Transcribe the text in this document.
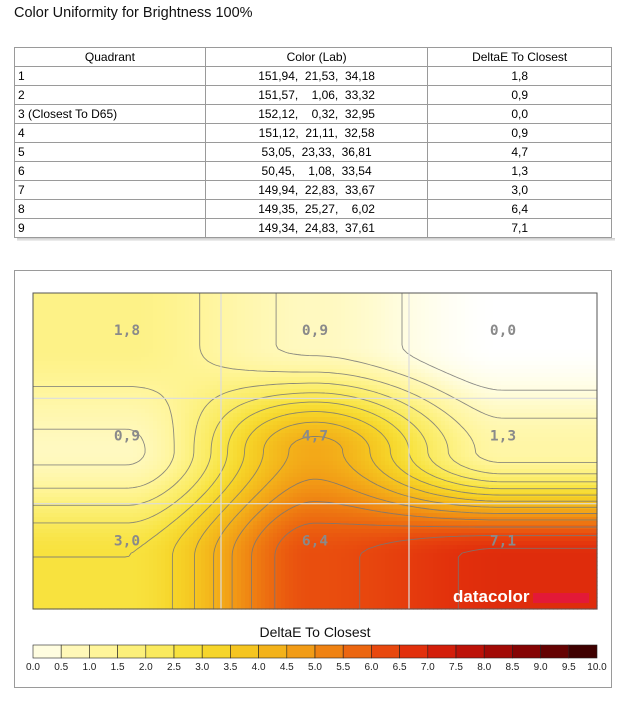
Color Uniformity for Brightness 100%
Quadrant	Color (Lab)	DeltaE To Closest
1	151,94,  21,53,  34,18	1,8
2	151,57,    1,06,  33,32	0,9
3 (Closest To D65)	152,12,    0,32,  32,95	0,0
4	151,12,  21,11,  32,58	0,9
5	53,05,  23,33,  36,81	4,7
6	50,45,    1,08,  33,54	1,3
7	149,94,  22,83,  33,67	3,0
8	149,35,  25,27,    6,02	6,4
9	149,34,  24,83,  37,61	7,1
1,8	0,9	0,0
0,9	4,7	1,3
3,0	6,4	7,1
datacolor
DeltaE To Closest
0.0 0.5 1.0 1.5 2.0 2.5 3.0 3.5 4.0 4.5 5.0 5.5 6.0 6.5 7.0 7.5 8.0 8.5 9.0 9.5 10.0
